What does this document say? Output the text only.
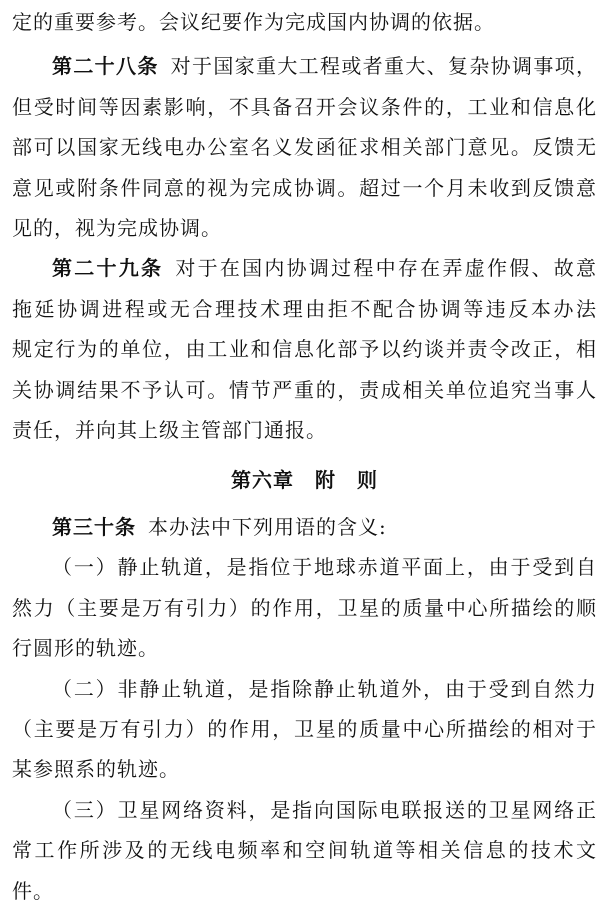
定的重要参考。会议纪要作为完成国内协调的依据。
第二十八条 对于国家重大工程或者重大、复杂协调事项，
但受时间等因素影响，不具备召开会议条件的，工业和信息化
部可以国家无线电办公室名义发函征求相关部门意见。反馈无
意见或附条件同意的视为完成协调。超过一个月未收到反馈意
见的，视为完成协调。
第二十九条 对于在国内协调过程中存在弄虚作假、故意
拖延协调进程或无合理技术理由拒不配合协调等违反本办法
规定行为的单位，由工业和信息化部予以约谈并责令改正，相
关协调结果不予认可。情节严重的，责成相关单位追究当事人
责任，并向其上级主管部门通报。
第六章　附　则
第三十条 本办法中下列用语的含义:
（一）静止轨道，是指位于地球赤道平面上，由于受到自
然力（主要是万有引力）的作用，卫星的质量中心所描绘的顺
行圆形的轨迹。
（二）非静止轨道，是指除静止轨道外，由于受到自然力
（主要是万有引力）的作用，卫星的质量中心所描绘的相对于
某参照系的轨迹。
（三）卫星网络资料，是指向国际电联报送的卫星网络正
常工作所涉及的无线电频率和空间轨道等相关信息的技术文
件。
